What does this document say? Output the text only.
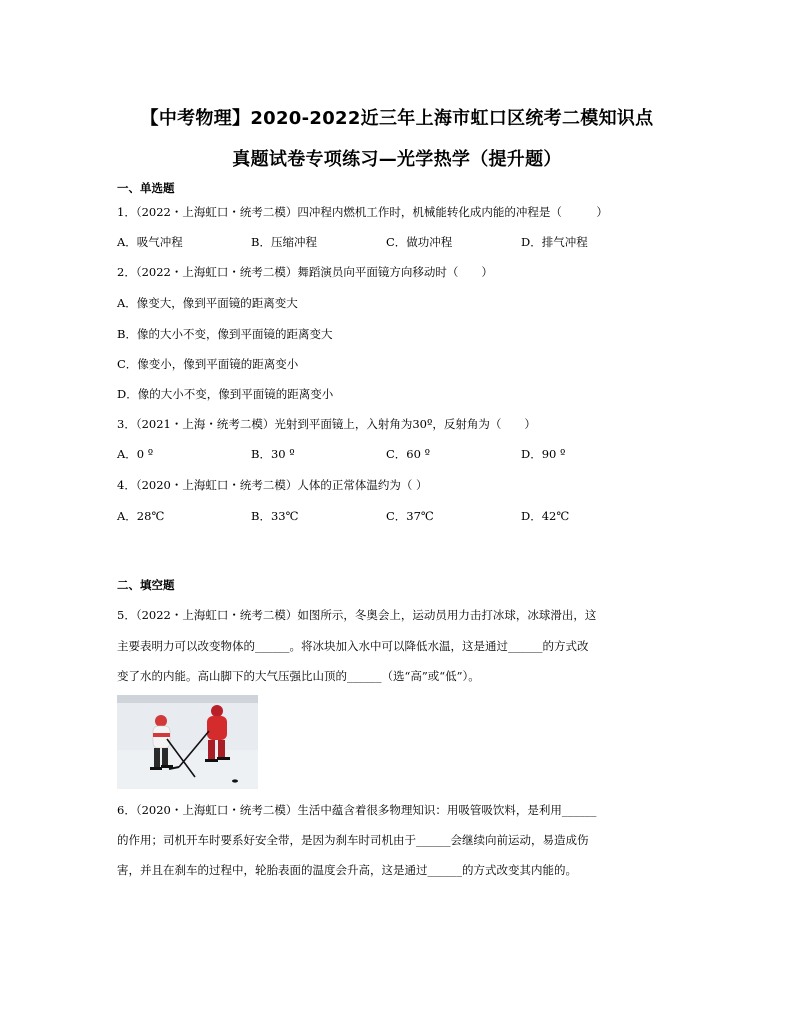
【中考物理】2020-2022近三年上海市虹口区统考二模知识点
真题试卷专项练习—光学热学（提升题）
一、单选题
1．（2022・上海虹口・统考二模）四冲程内燃机工作时，机械能转化成内能的冲程是（　　　）
A．吸气冲程	B．压缩冲程	C．做功冲程	D．排气冲程
2．（2022・上海虹口・统考二模）舞蹈演员向平面镜方向移动时（　　）
A．像变大，像到平面镜的距离变大
B．像的大小不变，像到平面镜的距离变大
C．像变小，像到平面镜的距离变小
D．像的大小不变，像到平面镜的距离变小
3．（2021・上海・统考二模）光射到平面镜上，入射角为30º，反射角为（　　）
A．0 º	B．30 º	C．60 º	D．90 º
4．（2020・上海虹口・统考二模）人体的正常体温约为（ ）
A．28℃	B．33℃	C．37℃	D．42℃
二、填空题
5．（2022・上海虹口・统考二模）如图所示，冬奥会上，运动员用力击打冰球，冰球滑出，这
主要表明力可以改变物体的______。将冰块加入水中可以降低水温，这是通过______的方式改
变了水的内能。高山脚下的大气压强比山顶的______（选“高”或“低”）。
6．（2020・上海虹口・统考二模）生活中蕴含着很多物理知识：用吸管吸饮料，是利用______
的作用；司机开车时要系好安全带，是因为刹车时司机由于______会继续向前运动，易造成伤
害，并且在刹车的过程中，轮胎表面的温度会升高，这是通过______的方式改变其内能的。
